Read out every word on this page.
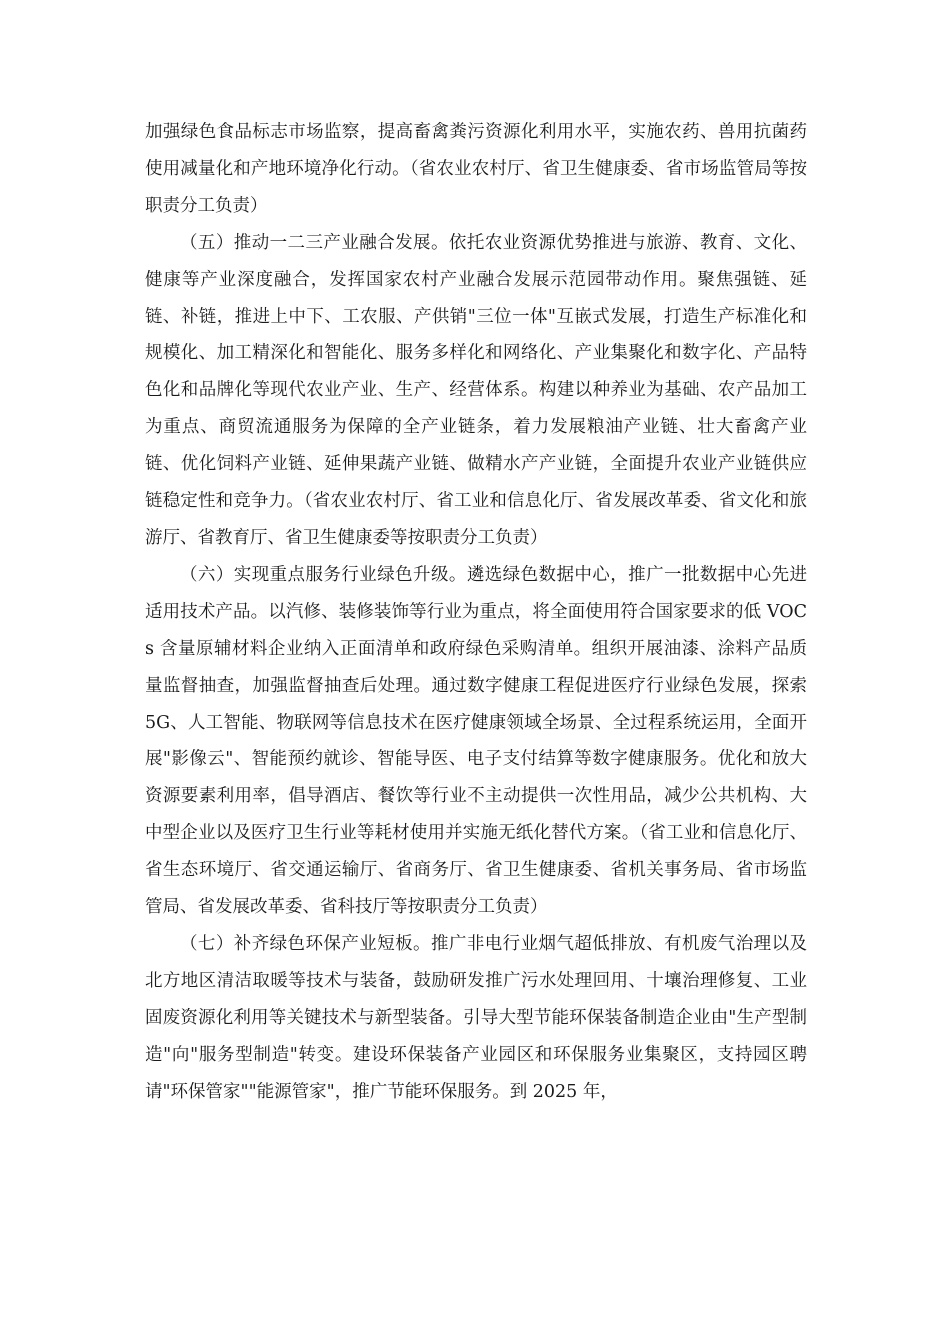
加强绿色食品标志市场监察，提高畜禽粪污资源化利用水平，实施农药、兽用抗菌药使用减量化和产地环境净化行动。（省农业农村厅、省卫生健康委、省市场监管局等按职责分工负责）

（五）推动一二三产业融合发展。依托农业资源优势推进与旅游、教育、文化、健康等产业深度融合，发挥国家农村产业融合发展示范园带动作用。聚焦强链、延链、补链，推进上中下、工农服、产供销"三位一体"互嵌式发展，打造生产标准化和规模化、加工精深化和智能化、服务多样化和网络化、产业集聚化和数字化、产品特色化和品牌化等现代农业产业、生产、经营体系。构建以种养业为基础、农产品加工为重点、商贸流通服务为保障的全产业链条，着力发展粮油产业链、壮大畜禽产业链、优化饲料产业链、延伸果蔬产业链、做精水产产业链，全面提升农业产业链供应链稳定性和竞争力。（省农业农村厅、省工业和信息化厅、省发展改革委、省文化和旅游厅、省教育厅、省卫生健康委等按职责分工负责）

（六）实现重点服务行业绿色升级。遴选绿色数据中心，推广一批数据中心先进适用技术产品。以汽修、装修装饰等行业为重点，将全面使用符合国家要求的低 VOCs 含量原辅材料企业纳入正面清单和政府绿色采购清单。组织开展油漆、涂料产品质量监督抽查，加强监督抽查后处理。通过数字健康工程促进医疗行业绿色发展，探索 5G、人工智能、物联网等信息技术在医疗健康领域全场景、全过程系统运用，全面开展"影像云"、智能预约就诊、智能导医、电子支付结算等数字健康服务。优化和放大资源要素利用率，倡导酒店、餐饮等行业不主动提供一次性用品，减少公共机构、大中型企业以及医疗卫生行业等耗材使用并实施无纸化替代方案。（省工业和信息化厅、省生态环境厅、省交通运输厅、省商务厅、省卫生健康委、省机关事务局、省市场监管局、省发展改革委、省科技厅等按职责分工负责）

（七）补齐绿色环保产业短板。推广非电行业烟气超低排放、有机废气治理以及北方地区清洁取暖等技术与装备，鼓励研发推广污水处理回用、十壤治理修复、工业固废资源化利用等关键技术与新型装备。引导大型节能环保装备制造企业由"生产型制造"向"服务型制造"转变。建设环保装备产业园区和环保服务业集聚区，支持园区聘请"环保管家""能源管家"，推广节能环保服务。到 2025 年，
